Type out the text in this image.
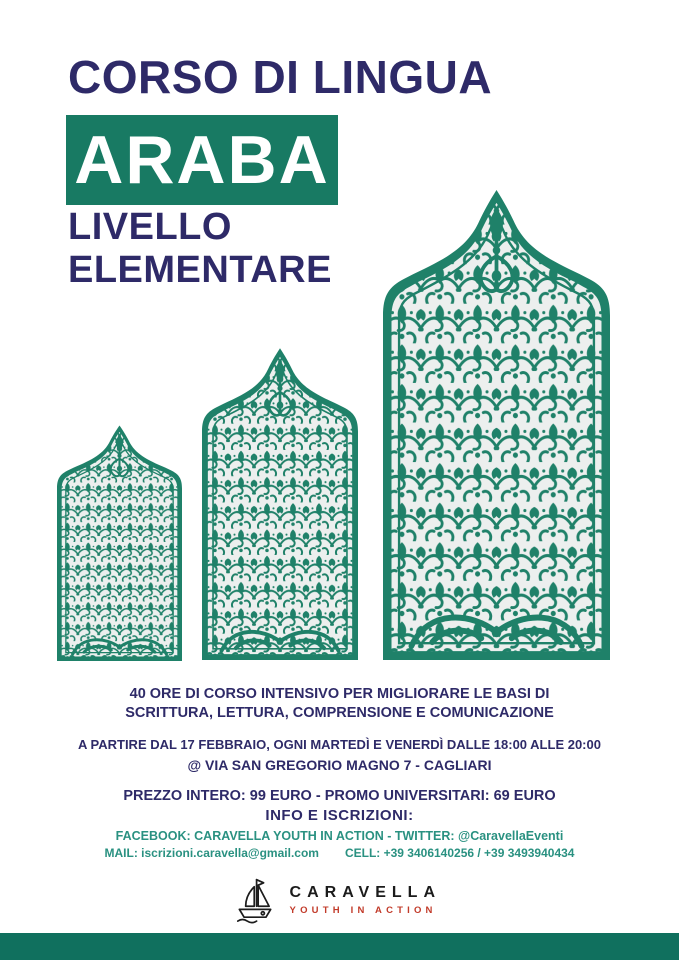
CORSO DI LINGUA
ARABA
LIVELLO
ELEMENTARE
40 ORE DI CORSO INTENSIVO PER MIGLIORARE LE BASI DI
SCRITTURA, LETTURA, COMPRENSIONE E COMUNICAZIONE
A PARTIRE DAL 17 FEBBRAIO, OGNI MARTEDÌ E VENERDÌ DALLE 18:00 ALLE 20:00
@ VIA SAN GREGORIO MAGNO 7 - CAGLIARI
PREZZO INTERO: 99 EURO - PROMO UNIVERSITARI: 69 EURO
INFO E ISCRIZIONI:
FACEBOOK: CARAVELLA YOUTH IN ACTION - TWITTER: @CaravellaEventi
MAIL: iscrizioni.caravella@gmail.com CELL: +39 3406140256 / +39 3493940434
CARAVELLA
YOUTH IN ACTION
